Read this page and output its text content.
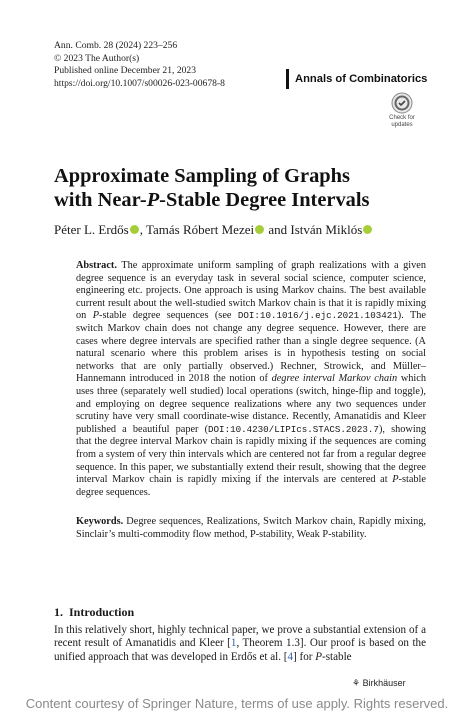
Ann. Comb. 28 (2024) 223–256
© 2023 The Author(s)
Published online December 21, 2023
https://doi.org/10.1007/s00026-023-00678-8	Annals of Combinatorics
Check for
updates
Approximate Sampling of Graphs
with Near-P-Stable Degree Intervals
Péter L. Erdős , Tamás Róbert Mezei and István Miklós
Abstract. The approximate uniform sampling of graph realizations with a given degree sequence is an everyday task in several social science, computer science, engineering etc. projects. One approach is using Markov chains. The best available current result about the well-studied switch Markov chain is that it is rapidly mixing on P-stable degree sequences (see DOI:10.1016/j.ejc.2021.103421). The switch Markov chain does not change any degree sequence. However, there are cases where degree intervals are specified rather than a single degree sequence. (A natural scenario where this problem arises is in hypothesis testing on social networks that are only partially observed.) Rechner, Strowick, and Müller–Hannemann introduced in 2018 the notion of degree interval Markov chain which uses three (separately well studied) local operations (switch, hinge-flip and toggle), and employing on degree sequence realizations where any two sequences under scrutiny have very small coordinate-wise distance. Recently, Amanatidis and Kleer published a beautiful paper (DOI:10.4230/LIPIcs.STACS.2023.7), showing that the degree interval Markov chain is rapidly mixing if the sequences are coming from a system of very thin intervals which are centered not far from a regular degree sequence. In this paper, we substantially extend their result, showing that the degree interval Markov chain is rapidly mixing if the intervals are centered at P-stable degree sequences.
Keywords. Degree sequences, Realizations, Switch Markov chain, Rapidly mixing, Sinclair’s multi-commodity flow method, P-stability, Weak P-stability.
1. Introduction
In this relatively short, highly technical paper, we prove a substantial extension of a recent result of Amanatidis and Kleer [1, Theorem 1.3]. Our proof is based on the unified approach that was developed in Erdős et al. [4] for P-stable
⚘ Birkhäuser
Content courtesy of Springer Nature, terms of use apply. Rights reserved.
